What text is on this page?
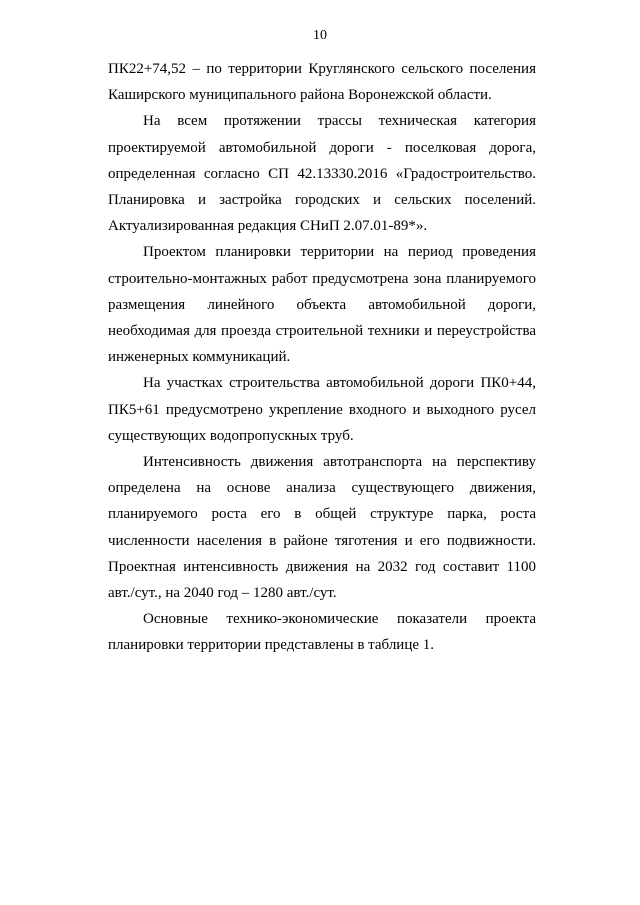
10

ПК22+74,52 – по территории Круглянского сельского поселения Каширского муниципального района Воронежской области.

На всем протяжении трассы техническая категория проектируемой автомобильной дороги - поселковая дорога, определенная согласно СП 42.13330.2016 «Градостроительство. Планировка и застройка городских и сельских поселений. Актуализированная редакция СНиП 2.07.01-89*».

Проектом планировки территории на период проведения строительно-монтажных работ предусмотрена зона планируемого размещения линейного объекта автомобильной дороги, необходимая для проезда строительной техники и переустройства инженерных коммуникаций.

На участках строительства автомобильной дороги ПК0+44, ПК5+61 предусмотрено укрепление входного и выходного русел существующих водопропускных труб.

Интенсивность движения автотранспорта на перспективу определена на основе анализа существующего движения, планируемого роста его в общей структуре парка, роста численности населения в районе тяготения и его подвижности. Проектная интенсивность движения на 2032 год составит 1100 авт./сут., на 2040 год – 1280 авт./сут.

Основные технико-экономические показатели проекта планировки территории представлены в таблице 1.
